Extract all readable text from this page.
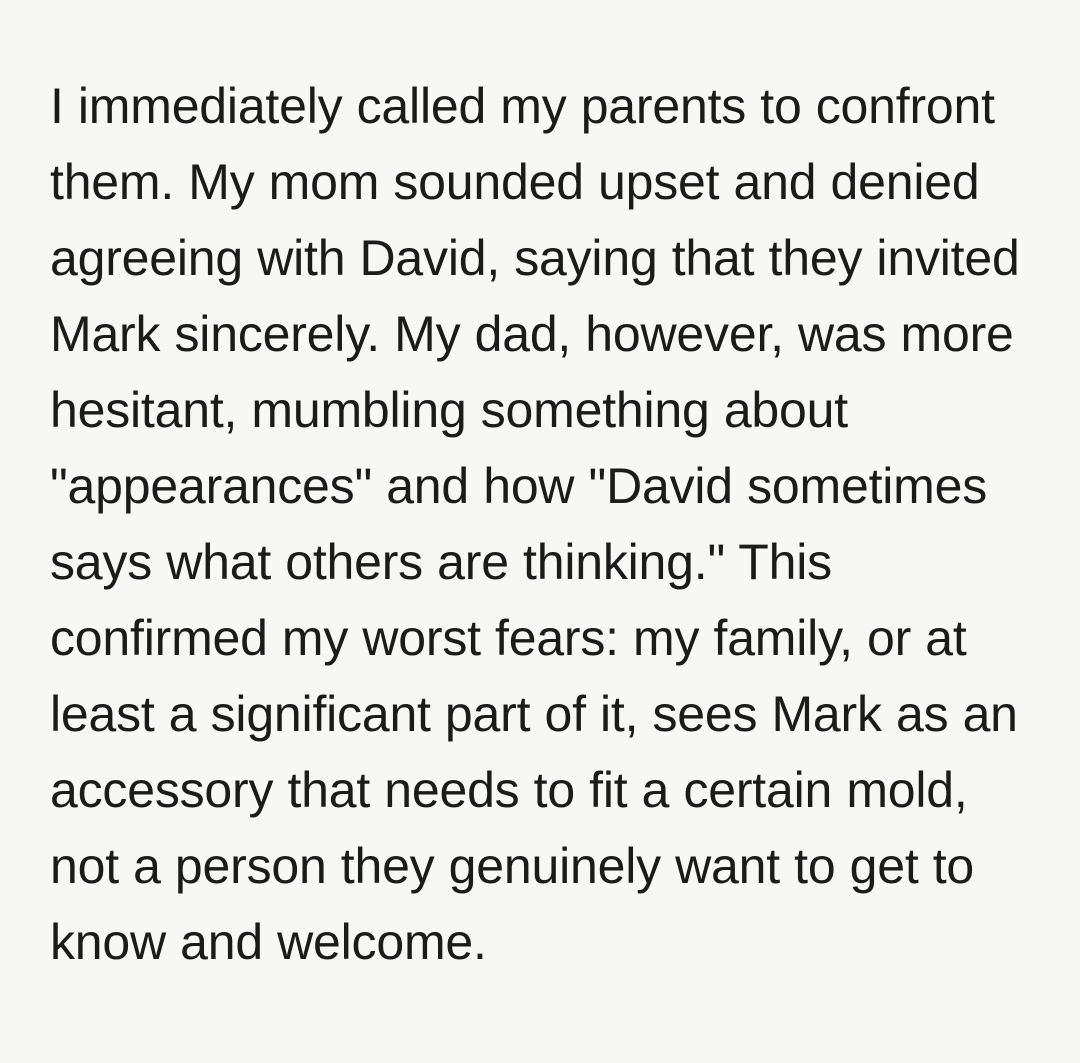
I immediately called my parents to confront them. My mom sounded upset and denied agreeing with David, saying that they invited Mark sincerely. My dad, however, was more hesitant, mumbling something about "appearances" and how "David sometimes says what others are thinking." This confirmed my worst fears: my family, or at least a significant part of it, sees Mark as an accessory that needs to fit a certain mold, not a person they genuinely want to get to know and welcome.
